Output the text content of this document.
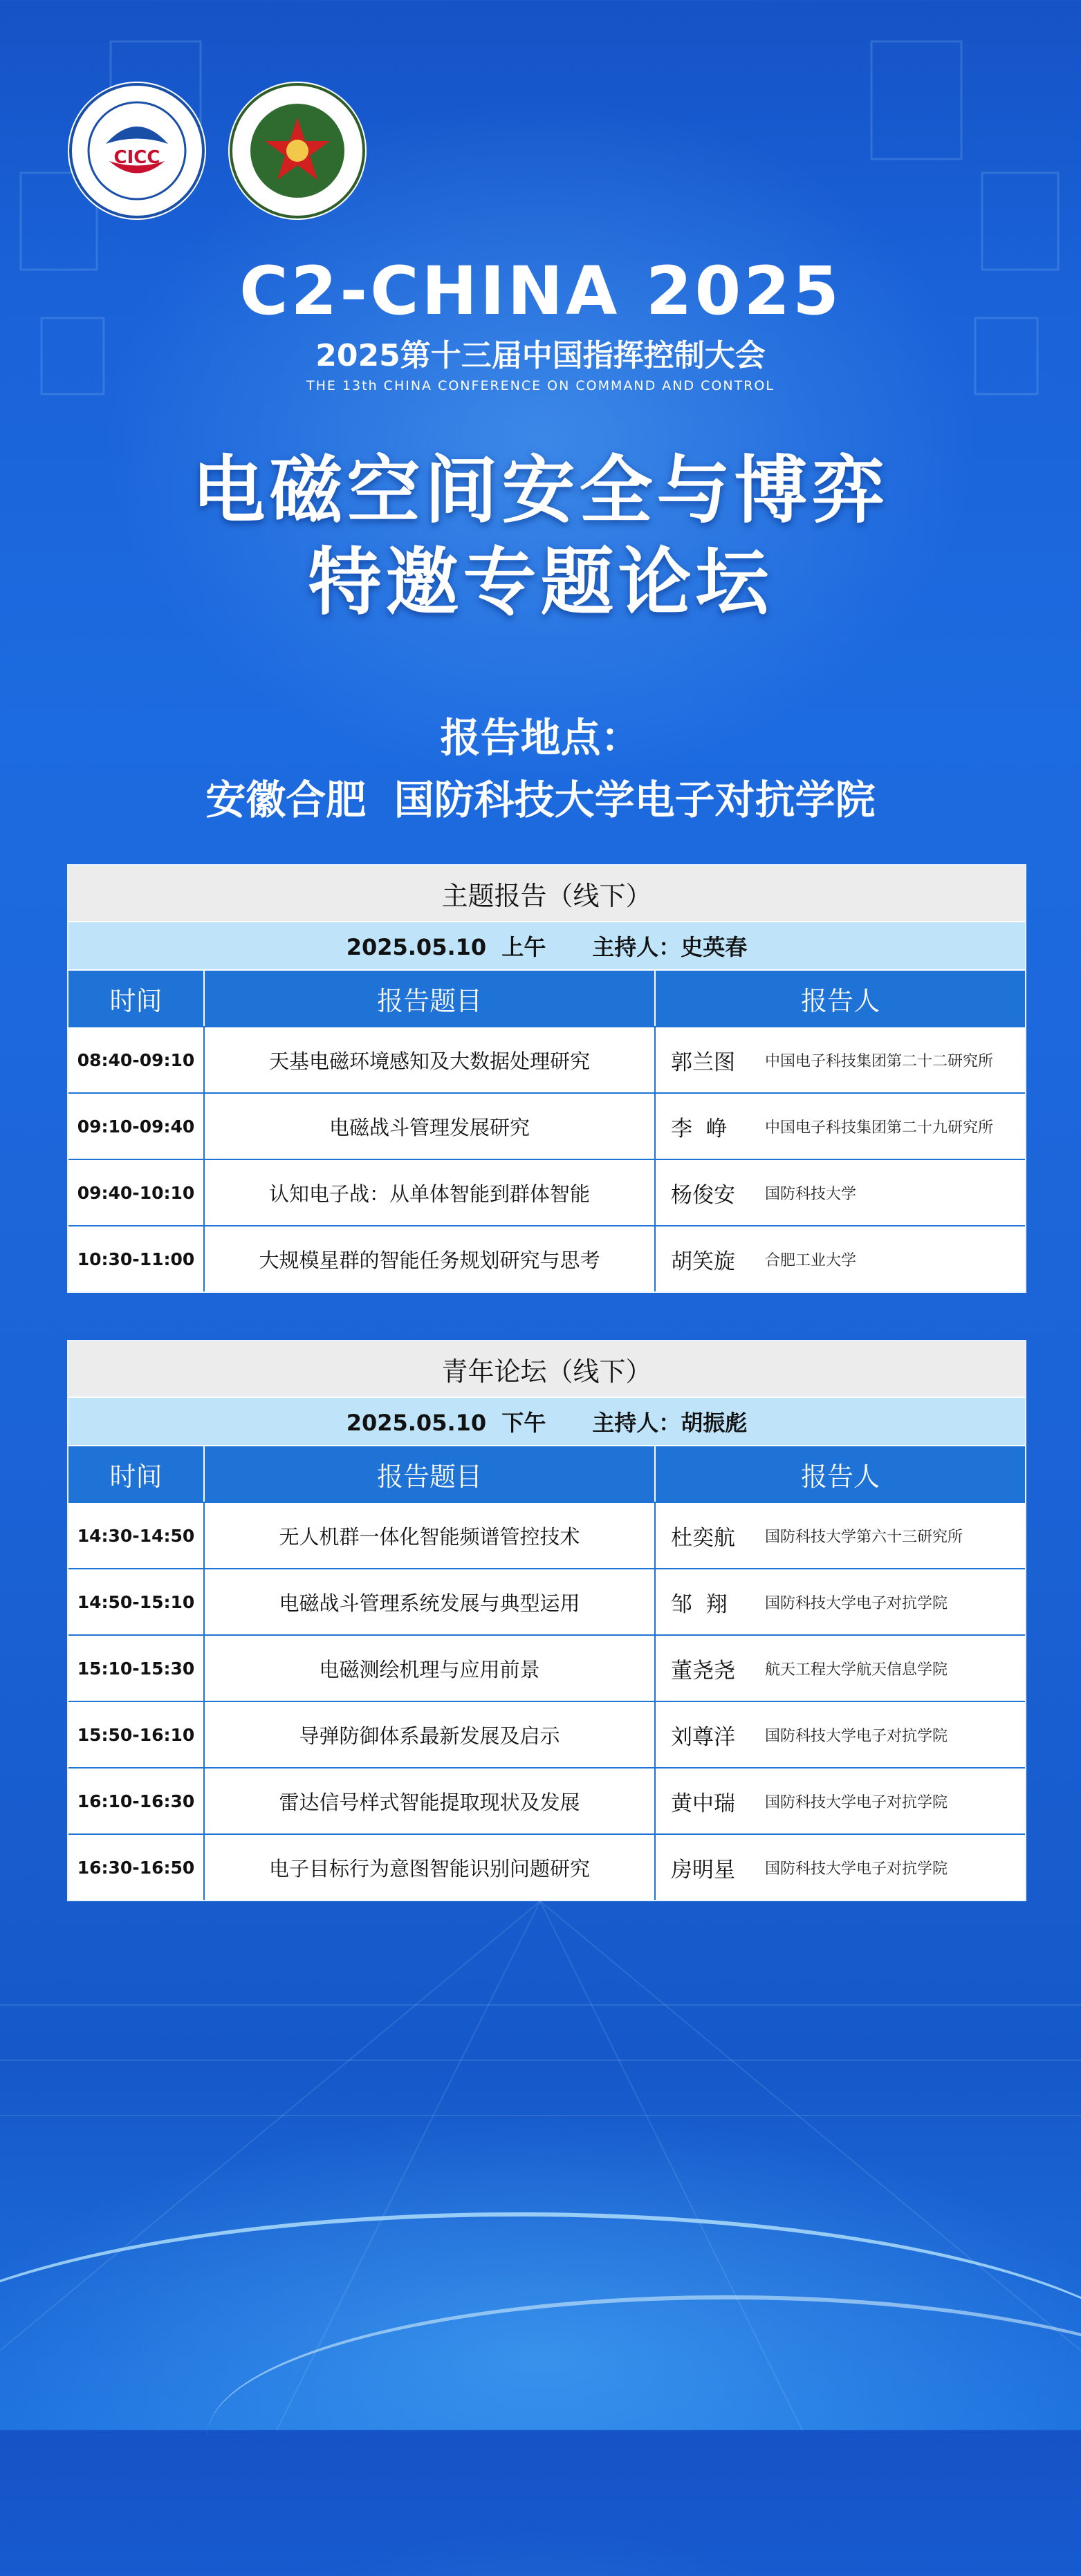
CICC
C2-CHINA 2025
2025第十三届中国指挥控制大会
THE 13th CHINA CONFERENCE ON COMMAND AND CONTROL
电磁空间安全与博弈
特邀专题论坛
报告地点：
安徽合肥  国防科技大学电子对抗学院
主题报告（线下）
2025.05.10  上午      主持人：史英春
时间	报告题目	报告人
08:40-09:10	天基电磁环境感知及大数据处理研究	郭兰图	中国电子科技集团第二十二研究所
09:10-09:40	电磁战斗管理发展研究	李  峥	中国电子科技集团第二十九研究所
09:40-10:10	认知电子战：从单体智能到群体智能	杨俊安	国防科技大学
10:30-11:00	大规模星群的智能任务规划研究与思考	胡笑旋	合肥工业大学
青年论坛（线下）
2025.05.10  下午      主持人：胡振彪
时间	报告题目	报告人
14:30-14:50	无人机群一体化智能频谱管控技术	杜奕航	国防科技大学第六十三研究所
14:50-15:10	电磁战斗管理系统发展与典型运用	邹  翔	国防科技大学电子对抗学院
15:10-15:30	电磁测绘机理与应用前景	董尧尧	航天工程大学航天信息学院
15:50-16:10	导弹防御体系最新发展及启示	刘尊洋	国防科技大学电子对抗学院
16:10-16:30	雷达信号样式智能提取现状及发展	黄中瑞	国防科技大学电子对抗学院
16:30-16:50	电子目标行为意图智能识别问题研究	房明星	国防科技大学电子对抗学院
